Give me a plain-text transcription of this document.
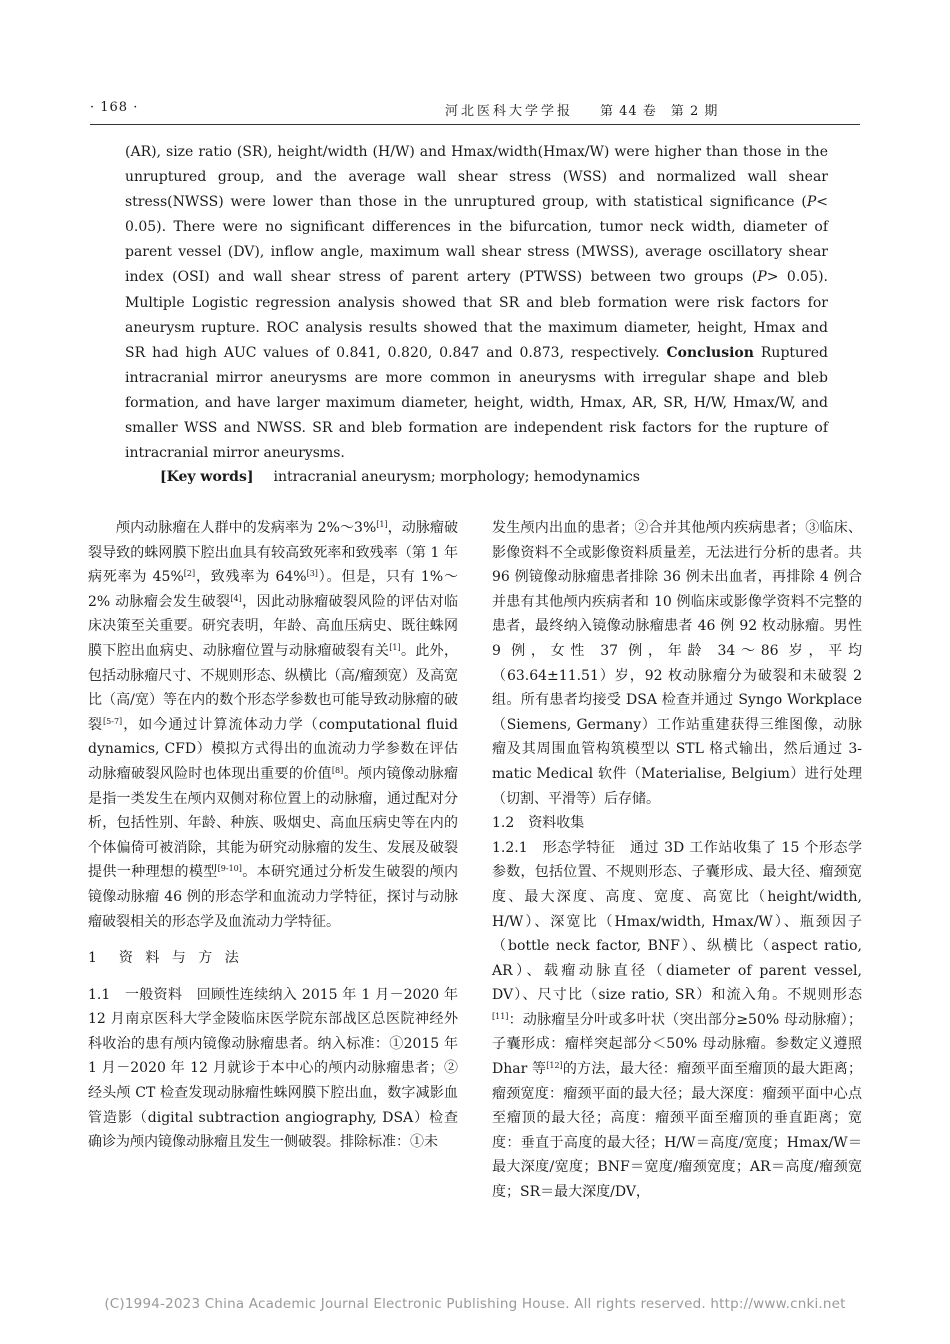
· 168 ·	河北医科大学学报 第 44 卷　第 2 期
(AR), size ratio (SR), height/width (H/W) and Hmax/width(Hmax/W) were higher than those in the unruptured group, and the average wall shear stress (WSS) and normalized wall shear stress(NWSS) were lower than those in the unruptured group, with statistical significance (P< 0.05). There were no significant differences in the bifurcation, tumor neck width, diameter of parent vessel (DV), inflow angle, maximum wall shear stress (MWSS), average oscillatory shear index (OSI) and wall shear stress of parent artery (PTWSS) between two groups (P> 0.05). Multiple Logistic regression analysis showed that SR and bleb formation were risk factors for aneurysm rupture. ROC analysis results showed that the maximum diameter, height, Hmax and SR had high AUC values of 0.841, 0.820, 0.847 and 0.873, respectively. Conclusion Ruptured intracranial mirror aneurysms are more common in aneurysms with irregular shape and bleb formation, and have larger maximum diameter, height, width, Hmax, AR, SR, H/W, Hmax/W, and smaller WSS and NWSS. SR and bleb formation are independent risk factors for the rupture of intracranial mirror aneurysms.
[Key words] intracranial aneurysm; morphology; hemodynamics

颅内动脉瘤在人群中的发病率为 2%～3%[1]，动脉瘤破裂导致的蛛网膜下腔出血具有较高致死率和致残率（第 1 年病死率为 45%[2]，致残率为 64%[3]）。但是，只有 1%～2% 动脉瘤会发生破裂[4]，因此动脉瘤破裂风险的评估对临床决策至关重要。研究表明，年龄、高血压病史、既往蛛网膜下腔出血病史、动脉瘤位置与动脉瘤破裂有关[1]。此外，包括动脉瘤尺寸、不规则形态、纵横比（高/瘤颈宽）及高宽比（高/宽）等在内的数个形态学参数也可能导致动脉瘤的破裂[5-7]，如今通过计算流体动力学（computational fluid dynamics, CFD）模拟方式得出的血流动力学参数在评估动脉瘤破裂风险时也体现出重要的价值[8]。颅内镜像动脉瘤是指一类发生在颅内双侧对称位置上的动脉瘤，通过配对分析，包括性别、年龄、种族、吸烟史、高血压病史等在内的个体偏倚可被消除，其能为研究动脉瘤的发生、发展及破裂提供一种理想的模型[9-10]。本研究通过分析发生破裂的颅内镜像动脉瘤 46 例的形态学和血流动力学特征，探讨与动脉瘤破裂相关的形态学及血流动力学特征。

1　资 料 与 方 法

1.1　一般资料　回顾性连续纳入 2015 年 1 月－2020 年 12 月南京医科大学金陵临床医学院东部战区总医院神经外科收治的患有颅内镜像动脉瘤患者。纳入标准：①2015 年 1 月－2020 年 12 月就诊于本中心的颅内动脉瘤患者；②经头颅 CT 检查发现动脉瘤性蛛网膜下腔出血，数字减影血管造影（digital subtraction angiography, DSA）检查确诊为颅内镜像动脉瘤且发生一侧破裂。排除标准：①未

发生颅内出血的患者；②合并其他颅内疾病患者；③临床、影像资料不全或影像资料质量差，无法进行分析的患者。共 96 例镜像动脉瘤患者排除 36 例未出血者，再排除 4 例合并患有其他颅内疾病者和 10 例临床或影像学资料不完整的患者，最终纳入镜像动脉瘤患者 46 例 92 枚动脉瘤。男性 9 例，女性 37 例，年龄 34～86 岁，平均（63.64±11.51）岁，92 枚动脉瘤分为破裂和未破裂 2 组。所有患者均接受 DSA 检查并通过 Syngo Workplace（Siemens, Germany）工作站重建获得三维图像，动脉瘤及其周围血管构筑模型以 STL 格式输出，然后通过 3-matic Medical 软件（Materialise, Belgium）进行处理（切割、平滑等）后存储。

1.2　资料收集

1.2.1　形态学特征　通过 3D 工作站收集了 15 个形态学参数，包括位置、不规则形态、子囊形成、最大径、瘤颈宽度、最大深度、高度、宽度、高宽比（height/width, H/W）、深宽比（Hmax/width, Hmax/W）、瓶颈因子（bottle neck factor, BNF）、纵横比（aspect ratio, AR）、载瘤动脉直径（diameter of parent vessel, DV）、尺寸比（size ratio, SR）和流入角。不规则形态[11]：动脉瘤呈分叶或多叶状（突出部分≥50% 母动脉瘤）；子囊形成：瘤样突起部分＜50% 母动脉瘤。参数定义遵照 Dhar 等[12]的方法，最大径：瘤颈平面至瘤顶的最大距离；瘤颈宽度：瘤颈平面的最大径；最大深度：瘤颈平面中心点至瘤顶的最大径；高度：瘤颈平面至瘤顶的垂直距离；宽度：垂直于高度的最大径；H/W＝高度/宽度；Hmax/W＝最大深度/宽度；BNF＝宽度/瘤颈宽度；AR＝高度/瘤颈宽度；SR＝最大深度/DV，

(C)1994-2023 China Academic Journal Electronic Publishing House. All rights reserved. http://www.cnki.net
